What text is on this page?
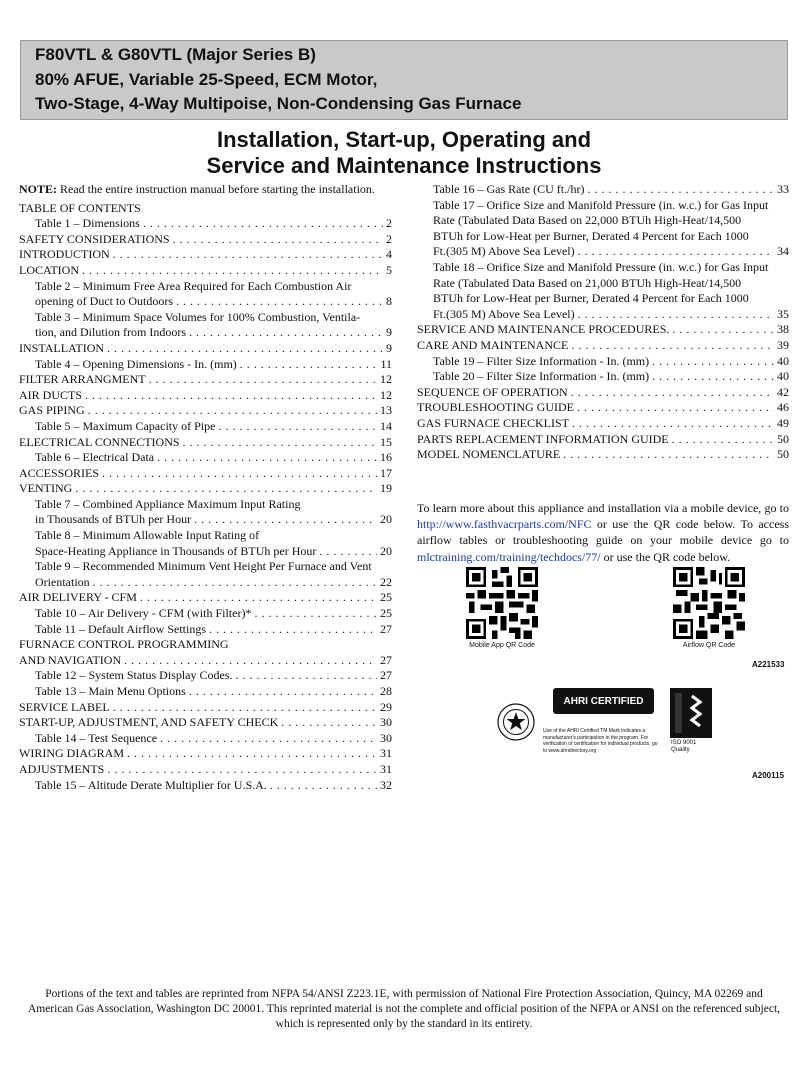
F80VTL & G80VTL (Major Series B)
80% AFUE, Variable 25-Speed, ECM Motor,
Two-Stage, 4-Way Multipoise, Non-Condensing Gas Furnace
Installation, Start-up, Operating and
Service and Maintenance Instructions
NOTE: Read the entire instruction manual before starting the installation.
TABLE OF CONTENTS
Table 1 – Dimensions . . .	2
SAFETY CONSIDERATIONS . . .	2
INTRODUCTION . . .	4
LOCATION . . .	5
Table 2 – Minimum Free Area Required for Each Combustion Air
opening of Duct to Outdoors . . .	8
Table 3 – Minimum Space Volumes for 100% Combustion, Ventila-
tion, and Dilution from Indoors . . .	9
INSTALLATION . . .	9
Table 4 – Opening Dimensions - In. (mm) . . .	11
FILTER ARRANGMENT . . .	12
AIR DUCTS . . .	12
GAS PIPING . . .	13
Table 5 – Maximum Capacity of Pipe . . .	14
ELECTRICAL CONNECTIONS . . .	15
Table 6 – Electrical Data . . .	16
ACCESSORIES . . .	17
VENTING . . .	19
Table 7 – Combined Appliance Maximum Input Rating
in Thousands of BTUh per Hour . . .	20
Table 8 – Minimum Allowable Input Rating of
Space-Heating Appliance in Thousands of BTUh per Hour . . .	20
Table 9 – Recommended Minimum Vent Height Per Furnace and Vent
Orientation . . .	22
AIR DELIVERY - CFM . . .	25
Table 10 – Air Delivery - CFM (with Filter)* . . .	25
Table 11 – Default Airflow Settings . . .	27
FURNACE CONTROL PROGRAMMING
AND NAVIGATION . . .	27
Table 12 – System Status Display Codes. . . .	27
Table 13 – Main Menu Options . . .	28
SERVICE LABEL . . .	29
START-UP, ADJUSTMENT, AND SAFETY CHECK . . .	30
Table 14 – Test Sequence . . .	30
WIRING DIAGRAM . . .	31
ADJUSTMENTS . . .	31
Table 15 – Altitude Derate Multiplier for U.S.A. . . .	32
Table 16 – Gas Rate (CU ft./hr) . . .	33
Table 17 – Orifice Size and Manifold Pressure (in. w.c.) for Gas Input
Rate (Tabulated Data Based on 22,000 BTUh High-Heat/14,500
BTUh for Low-Heat per Burner, Derated 4 Percent for Each 1000
Ft.(305 M) Above Sea Level) . . .	34
Table 18 – Orifice Size and Manifold Pressure (in. w.c.) for Gas Input
Rate (Tabulated Data Based on 21,000 BTUh High-Heat/14,500
BTUh for Low-Heat per Burner, Derated 4 Percent for Each 1000
Ft.(305 M) Above Sea Level) . . .	35
SERVICE AND MAINTENANCE PROCEDURES. . . .	38
CARE AND MAINTENANCE . . .	39
Table 19 – Filter Size Information - In. (mm) . . .	40
Table 20 – Filter Size Information - In. (mm) . . .	40
SEQUENCE OF OPERATION . . .	42
TROUBLESHOOTING GUIDE . . .	46
GAS FURNACE CHECKLIST . . .	49
PARTS REPLACEMENT INFORMATION GUIDE . . .	50
MODEL NOMENCLATURE . . .	50
To learn more about this appliance and installation via a mobile device, go to http://www.fasthvacrparts.com/NFC or use the QR code below. To access airflow tables or troubleshooting guide on your mobile device go to mlctraining.com/training/techdocs/77/ or use the QR code below.
Mobile App QR Code	Airflow QR Code
A221533
AHRI CERTIFIED
Use of the AHRI Certified TM Mark indicates a manufacturer's participation in the program. For verification of certification for individual products, go to www.ahridirectory.org .
ISO 9001
Quality
A200115
Portions of the text and tables are reprinted from NFPA 54/ANSI Z223.1E, with permission of National Fire Protection Association, Quincy, MA 02269 and American Gas Association, Washington DC 20001. This reprinted material is not the complete and official position of the NFPA or ANSI on the referenced subject, which is represented only by the standard in its entirety.
